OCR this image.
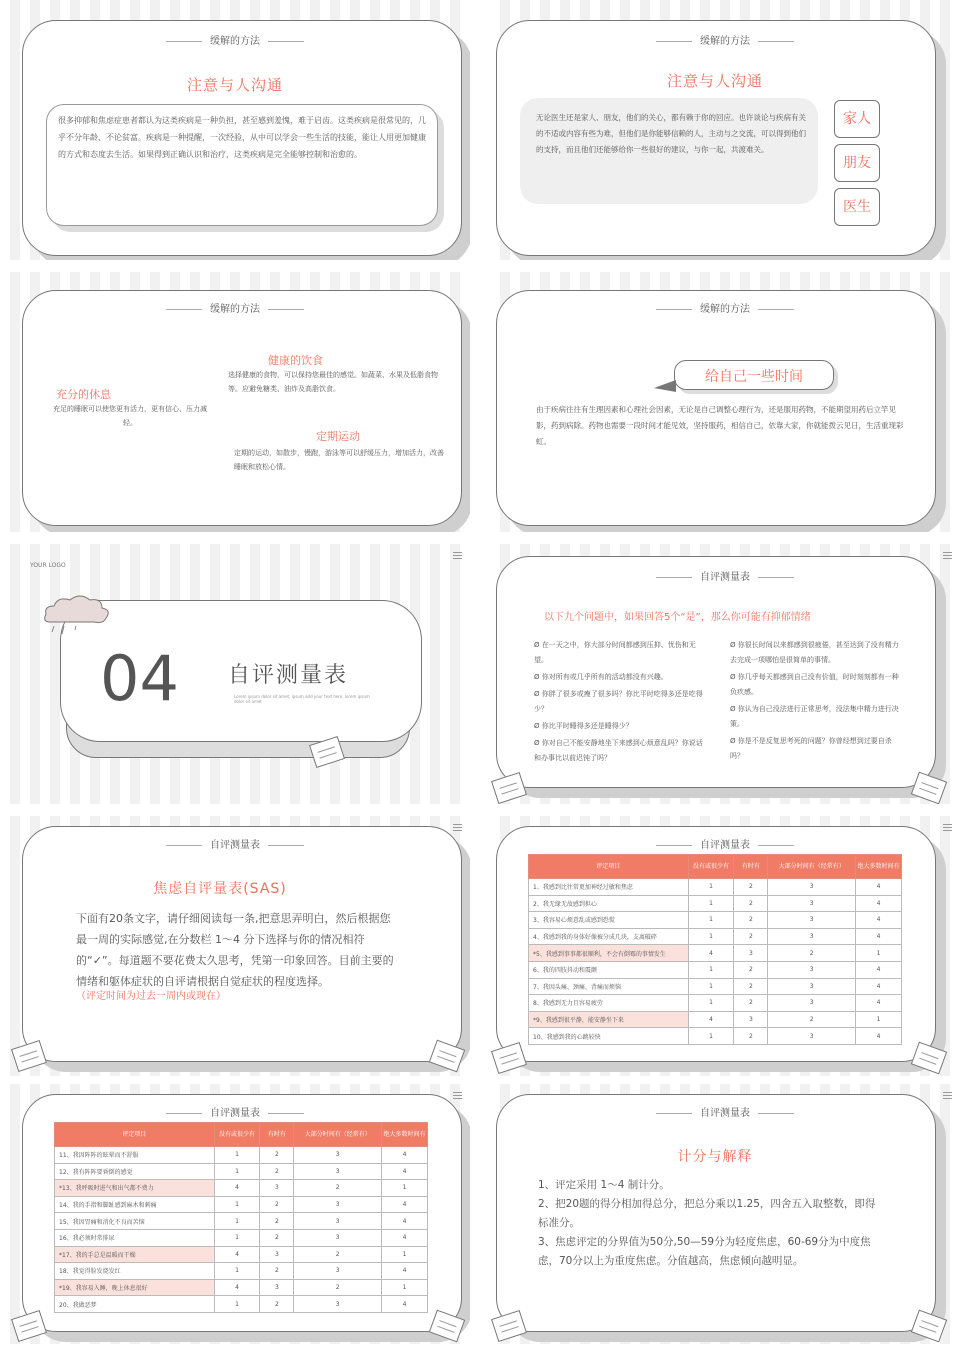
缓解的方法
注意与人沟通
很多抑郁和焦虑症患者都认为这类疾病是一种负担，甚至感到羞愧，难于启齿。这类疾病是很常见的，几乎不分年龄、不论贫富。疾病是一种提醒，一次经验，从中可以学会一些生活的技能，能让人用更加健康的方式和态度去生活。如果得到正确认识和治疗，这类疾病是完全能够控制和治愈的。
缓解的方法
注意与人沟通
无论医生还是家人、朋友，他们的关心，都有赖于你的回应。也许谈论与疾病有关的不适或内容有些为难，但他们是你能够信赖的人，主动与之交流，可以得到他们的支持，而且他们还能够给你一些很好的建议，与你一起，共渡难关。
家人
朋友
医生
缓解的方法
充分的休息
充足的睡眠可以使您更有活力，更有信心、压力减轻。
健康的饮食
选择健康的食物，可以保持您最佳的感觉。如蔬菜、水果及低脂食物等。应避免糖类、油炸及高脂饮食。
定期运动
定期的运动，如散步，慢跑，游泳等可以舒缓压力，增加活力，改善睡眠和放松心情。
缓解的方法
给自己一些时间
由于疾病往往有生理因素和心理社会因素，无论是自己调整心理行为，还是服用药物，不能期望用药后立竿见影，药到病除。药物也需要一段时间才能见效，坚持服药，相信自己，依靠大家，你就能拨云见日，生活重现彩虹。
YOUR LOGO
04 自评测量表
Lorem ipsum dolor sit amet, ipsum add your text here, lorem ipsum dolor sit amet
自评测量表
以下九个问题中，如果回答5个“是”，那么你可能有抑郁情绪

Ø 在一天之中，你大部分时间都感到压抑、忧伤和无望。

Ø 你对所有或几乎所有的活动都没有兴趣。

Ø 你胖了很多或瘦了很多吗？你比平时吃得多还是吃得少？

Ø 你比平时睡得多还是睡得少？

Ø 你对自己不能安静地坐下来感到心烦意乱吗？你说话和办事比以前迟钝了吗？

Ø 你很长时间以来都感到很疲倦，甚至达到了没有精力去完成一项哪怕是很简单的事情。

Ø 你几乎每天都感到自己没有价值，时时刻刻都有一种负疚感。

Ø 你认为自己没法进行正常思考，没法集中精力进行决策。

Ø 你是不是反复思考死的问题？你曾经想到过要自杀吗？

自评测量表
焦虑自评量表(SAS)
下面有20条文字，请仔细阅读每一条,把意思弄明白，然后根据您最一周的实际感觉,在分数栏 1～4 分下选择与你的情况相符的“✓”。每道题不要花费太久思考，凭第一印象回答。目前主要的情绪和躯体症状的自评请根据自觉症状的程度选择。
（评定时间为过去一周内或现在）
自评测量表
评定项目	没有或很少有	有时有	大部分时间有（经常有）	绝大多数时间有
1、我感到比往常更加神经过敏和焦虑	1	2	3	4
2、我无缘无故感到担心	1	2	3	4
3、我容易心烦意乱或感到恐慌	1	2	3	4
4、我感到我的身体好像被分成几块，支离破碎	1	2	3	4
*5、我感到事事都很顺利，不会有倒霉的事情发生	4	3	2	1
6、我的四肢抖动和震颤	1	2	3	4
7、我因头痛、颈痛、背痛而烦恼	1	2	3	4
8、我感到无力且容易疲劳	1	2	3	4
*9、我感到很平静，能安静坐下来	4	3	2	1
10、我感到我的心跳较快	1	2	3	4
自评测量表
评定项目	没有或很少有	有时有	大部分时间有（经常有）	绝大多数时间有
11、我因阵阵的眩晕而不舒服	1	2	3	4
12、我有阵阵要昏倒的感觉	1	2	3	4
*13、我呼吸时进气和出气都不费力	4	3	2	1
14、我的手指和脚趾感到麻木和刺痛	1	2	3	4
15、我因胃痛和消化不良而苦恼	1	2	3	4
16、我必须时常排尿	1	2	3	4
*17、我的手总是温暖而干燥	4	3	2	1
18、我觉得脸发烧发红	1	2	3	4
*19、我容易入睡，晚上休息很好	4	3	2	1
20、我做恶梦	1	2	3	4
自评测量表
计分与解释

1、评定采用 1～4 制计分。

2、把20题的得分相加得总分，把总分乘以1.25，四舍五入取整数，即得标准分。

3、焦虑评定的分界值为50分,50—59分为轻度焦虑，60-69分为中度焦虑，70分以上为重度焦虑。分值越高，焦虑倾向越明显。
